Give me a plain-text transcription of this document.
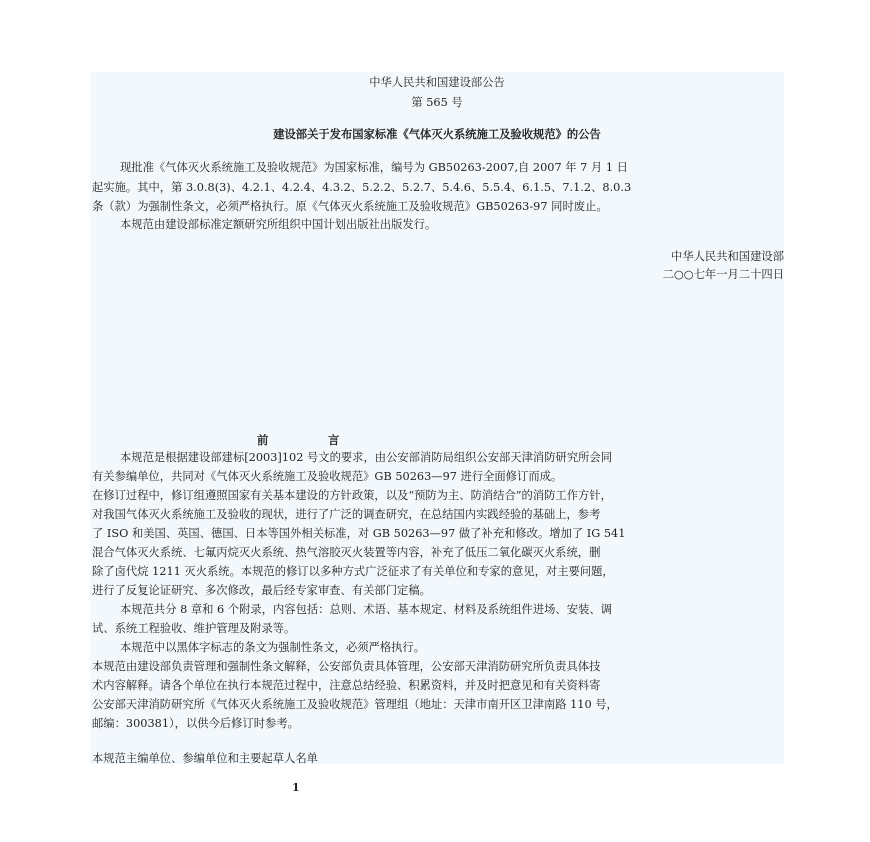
中华人民共和国建设部公告
第 565 号
建设部关于发布国家标准《气体灭火系统施工及验收规范》的公告
现批准《气体灭火系统施工及验收规范》为国家标准，编号为 GB50263-2007,自 2007 年 7 月 1 日
起实施。其中，第 3.0.8(3)、4.2.1、4.2.4、4.3.2、5.2.2、5.2.7、5.4.6、5.5.4、6.1.5、7.1.2、8.0.3
条（款）为强制性条文，必须严格执行。原《气体灭火系统施工及验收规范》GB50263-97 同时废止。
本规范由建设部标准定额研究所组织中国计划出版社出版发行。
中华人民共和国建设部
二○○七年一月二十四日
前	言
本规范是根据建设部建标[2003]102 号文的要求，由公安部消防局组织公安部天津消防研究所会同
有关参编单位，共同对《气体灭火系统施工及验收规范》GB 50263—97 进行全面修订而成。
在修订过程中，修订组遵照国家有关基本建设的方针政策，以及“预防为主、防消结合”的消防工作方针，
对我国气体灭火系统施工及验收的现状，进行了广泛的调查研究，在总结国内实践经验的基础上，参考
了 ISO 和美国、英国、德国、日本等国外相关标准，对 GB 50263—97 做了补充和修改。增加了 IG 541
混合气体灭火系统、七氟丙烷灭火系统、热气溶胶灭火装置等内容，补充了低压二氧化碳灭火系统，删
除了卤代烷 1211 灭火系统。本规范的修订以多种方式广泛征求了有关单位和专家的意见，对主要问题，
进行了反复论证研究、多次修改，最后经专家审查、有关部门定稿。
本规范共分 8 章和 6 个附录，内容包括：总则、术语、基本规定、材料及系统组件进场、安装、调
试、系统工程验收、维护管理及附录等。
本规范中以黑体字标志的条文为强制性条文，必须严格执行。
本规范由建设部负责管理和强制性条文解释，公安部负责具体管理，公安部天津消防研究所负责具体技
术内容解释。请各个单位在执行本规范过程中，注意总结经验、积累资料，并及时把意见和有关资料寄
公安部天津消防研究所《气体灭火系统施工及验收规范》管理组（地址：天津市南开区卫津南路 110 号，
邮编：300381），以供今后修订时参考。
本规范主编单位、参编单位和主要起草人名单
1
